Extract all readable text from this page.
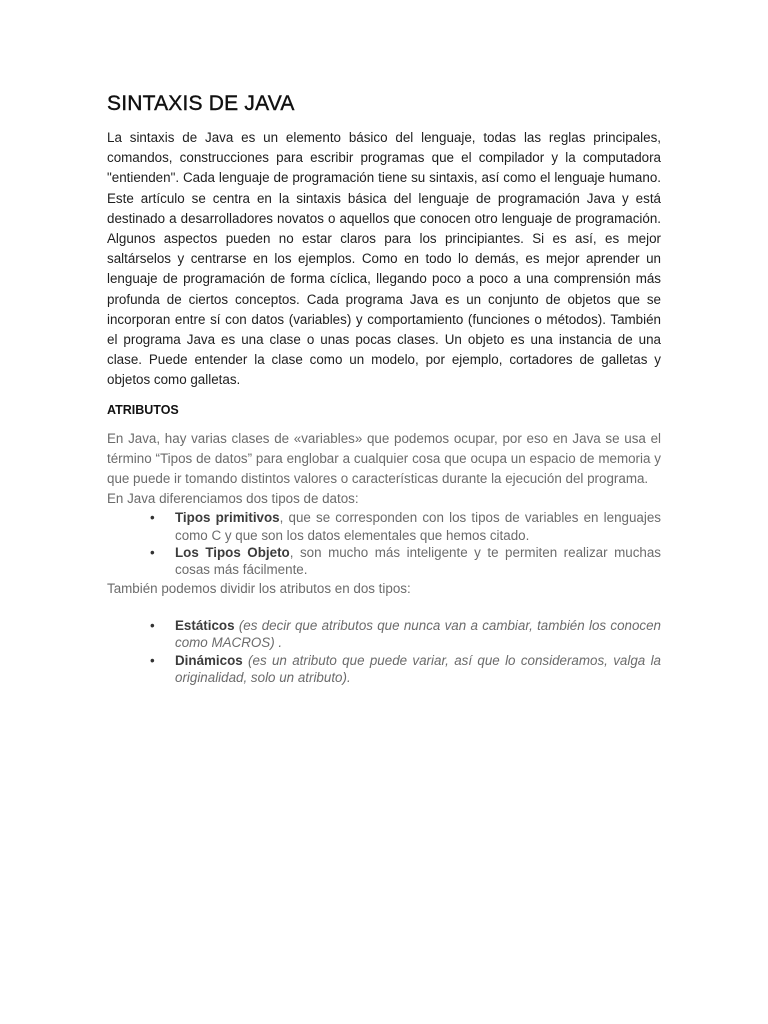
SINTAXIS DE JAVA

La sintaxis de Java es un elemento básico del lenguaje, todas las reglas principales, comandos, construcciones para escribir programas que el compilador y la computadora "entienden". Cada lenguaje de programación tiene su sintaxis, así como el lenguaje humano. Este artículo se centra en la sintaxis básica del lenguaje de programación Java y está destinado a desarrolladores novatos o aquellos que conocen otro lenguaje de programación. Algunos aspectos pueden no estar claros para los principiantes. Si es así, es mejor saltárselos y centrarse en los ejemplos. Como en todo lo demás, es mejor aprender un lenguaje de programación de forma cíclica, llegando poco a poco a una comprensión más profunda de ciertos conceptos. Cada programa Java es un conjunto de objetos que se incorporan entre sí con datos (variables) y comportamiento (funciones o métodos). También el programa Java es una clase o unas pocas clases. Un objeto es una instancia de una clase. Puede entender la clase como un modelo, por ejemplo, cortadores de galletas y objetos como galletas.

ATRIBUTOS

En Java, hay varias clases de «variables» que podemos ocupar, por eso en Java se usa el término “Tipos de datos” para englobar a cualquier cosa que ocupa un espacio de memoria y que puede ir tomando distintos valores o características durante la ejecución del programa.

En Java diferenciamos dos tipos de datos:

• Tipos primitivos, que se corresponden con los tipos de variables en lenguajes como C y que son los datos elementales que hemos citado.
• Los Tipos Objeto, son mucho más inteligente y te permiten realizar muchas cosas más fácilmente.

También podemos dividir los atributos en dos tipos:

• Estáticos (es decir que atributos que nunca van a cambiar, también los conocen como MACROS) .
• Dinámicos (es un atributo que puede variar, así que lo consideramos, valga la originalidad, solo un atributo).
